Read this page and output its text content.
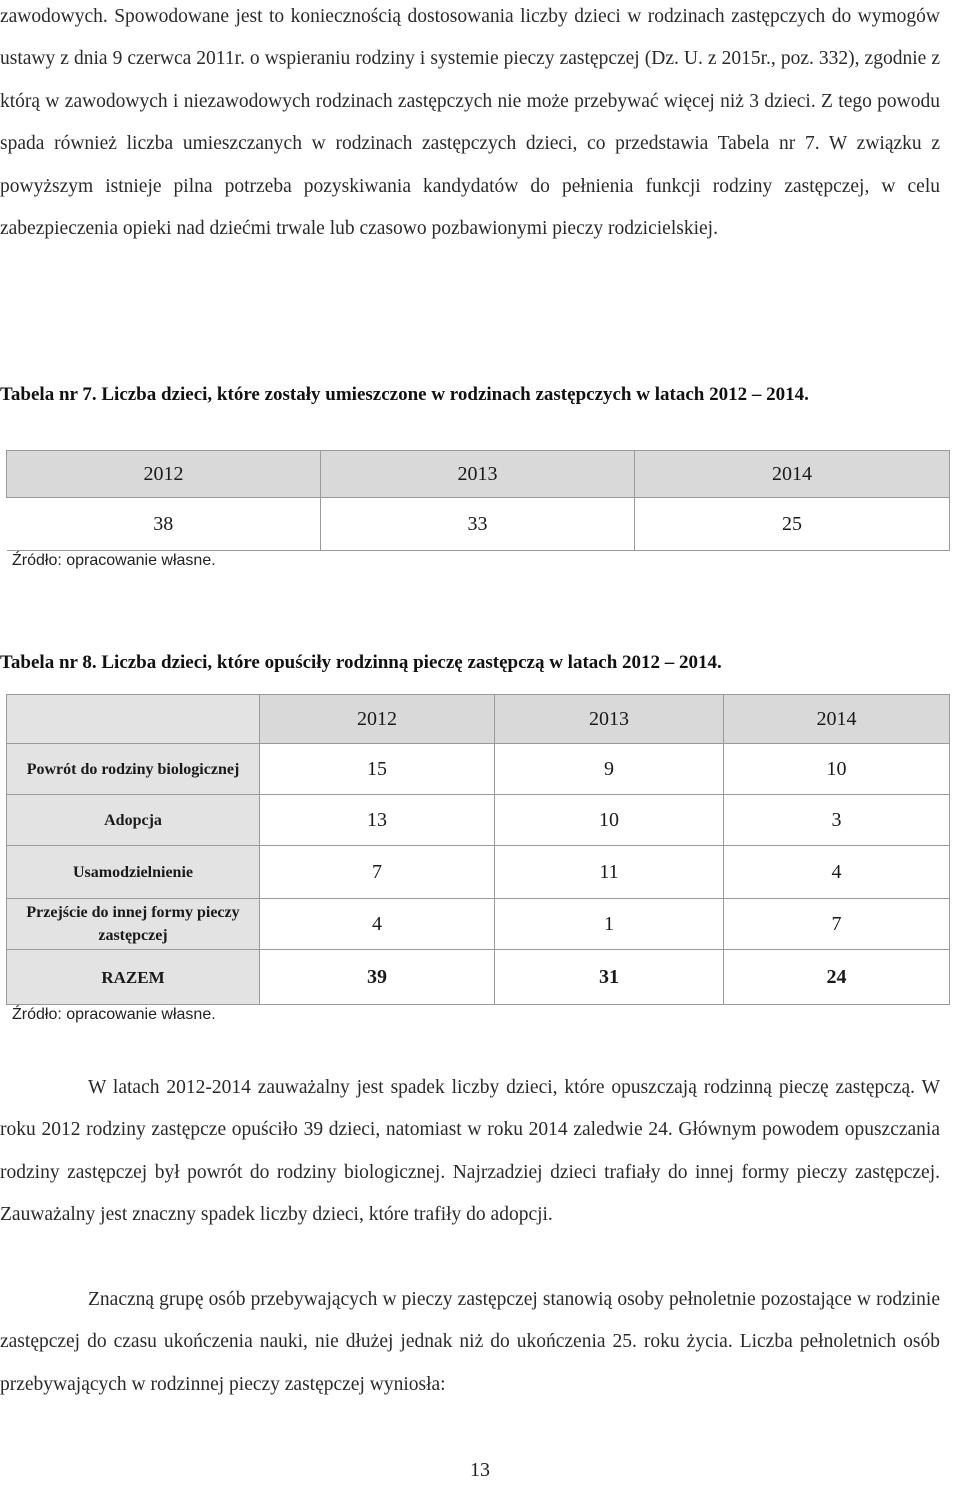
zawodowych. Spowodowane jest to koniecznością dostosowania liczby dzieci w rodzinach zastępczych do wymogów ustawy z dnia 9 czerwca 2011r. o wspieraniu rodziny i systemie pieczy zastępczej (Dz. U. z 2015r., poz. 332), zgodnie z którą w zawodowych i niezawodowych rodzinach zastępczych nie może przebywać więcej niż 3 dzieci. Z tego powodu spada również liczba umieszczanych w rodzinach zastępczych dzieci, co przedstawia Tabela nr 7. W związku z powyższym istnieje pilna potrzeba pozyskiwania kandydatów do pełnienia funkcji rodziny zastępczej, w celu zabezpieczenia opieki nad dziećmi trwale lub czasowo pozbawionymi pieczy rodzicielskiej.

Tabela nr 7. Liczba dzieci, które zostały umieszczone w rodzinach zastępczych w latach 2012 – 2014.

2012	2013	2014
38	33	25

Źródło: opracowanie własne.

Tabela nr 8. Liczba dzieci, które opuściły rodzinną pieczę zastępczą w latach 2012 – 2014.

	2012	2013	2014
Powrót do rodziny biologicznej	15	9	10
Adopcja	13	10	3
Usamodzielnienie	7	11	4
Przejście do innej formy pieczy zastępczej	4	1	7
RAZEM	39	31	24

Źródło: opracowanie własne.

W latach 2012-2014 zauważalny jest spadek liczby dzieci, które opuszczają rodzinną pieczę zastępczą. W roku 2012 rodziny zastępcze opuściło 39 dzieci, natomiast w roku 2014 zaledwie 24. Głównym powodem opuszczania rodziny zastępczej był powrót do rodziny biologicznej. Najrzadziej dzieci trafiały do innej formy pieczy zastępczej. Zauważalny jest znaczny spadek liczby dzieci, które trafiły do adopcji.

Znaczną grupę osób przebywających w pieczy zastępczej stanowią osoby pełnoletnie pozostające w rodzinie zastępczej do czasu ukończenia nauki, nie dłużej jednak niż do ukończenia 25. roku życia. Liczba pełnoletnich osób przebywających w rodzinnej pieczy zastępczej wyniosła:

13
